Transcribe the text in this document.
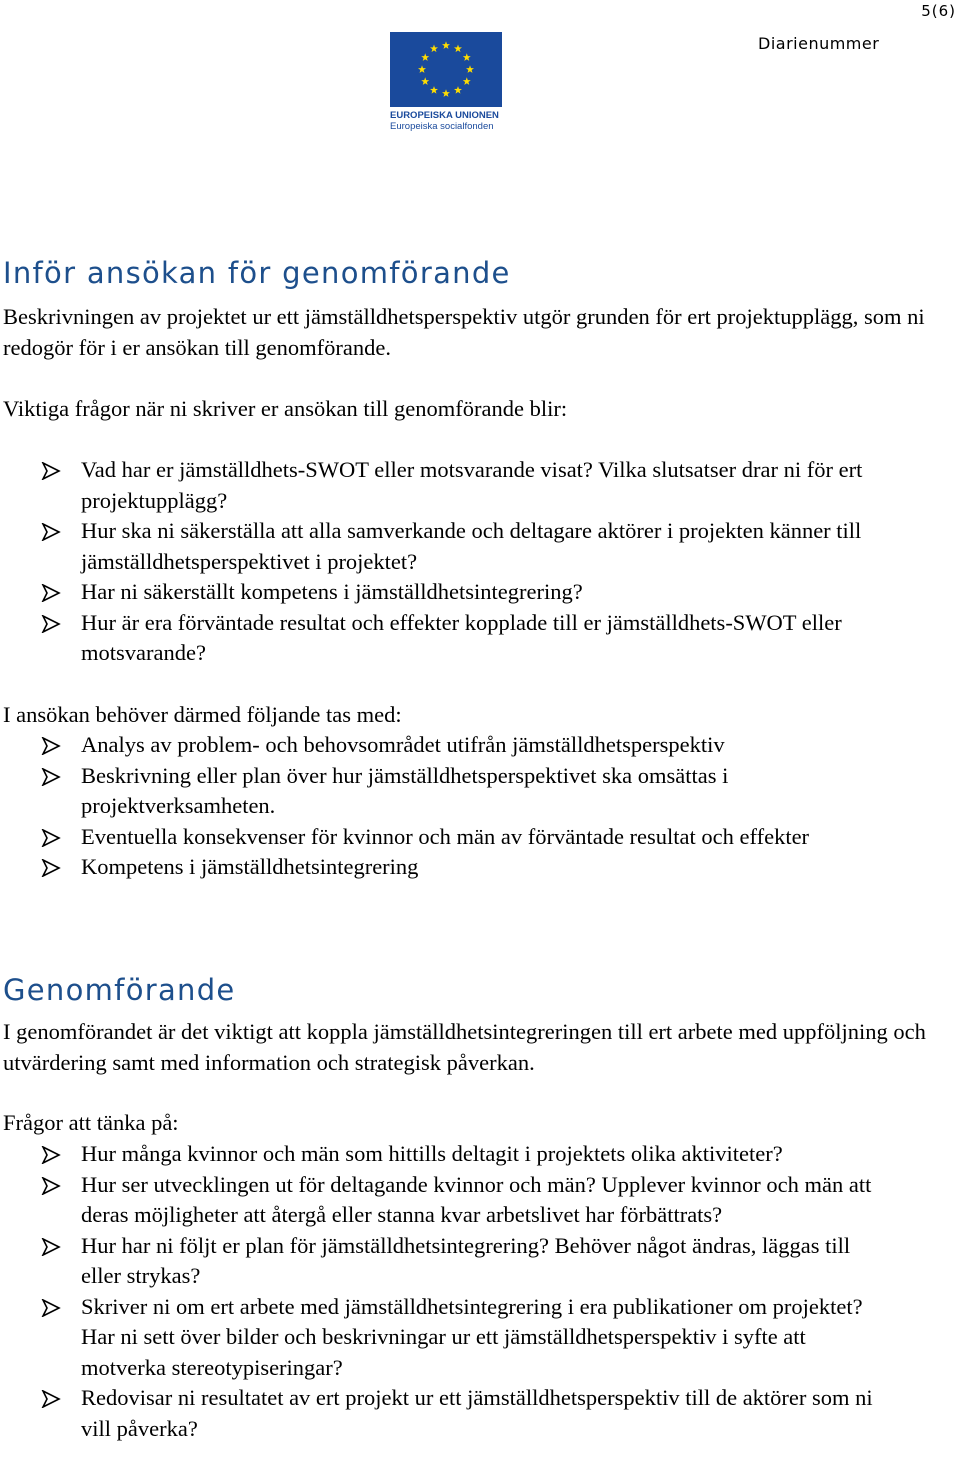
5(6)
Diarienummer
EUROPEISKA UNIONEN
Europeiska socialfonden
Inför ansökan för genomförande

Beskrivningen av projektet ur ett jämställdhetsperspektiv utgör grunden för ert projektupplägg, som ni redogör för i er ansökan till genomförande.

Viktiga frågor när ni skriver er ansökan till genomförande blir:

Vad har er jämställdhets-SWOT eller motsvarande visat? Vilka slutsatser drar ni för ert projektupplägg?
Hur ska ni säkerställa att alla samverkande och deltagare aktörer i projekten känner till jämställdhetsperspektivet i projektet?
Har ni säkerställt kompetens i jämställdhetsintegrering?
Hur är era förväntade resultat och effekter kopplade till er jämställdhets-SWOT eller motsvarande?

I ansökan behöver därmed följande tas med:

Analys av problem- och behovsområdet utifrån jämställdhetsperspektiv
Beskrivning eller plan över hur jämställdhetsperspektivet ska omsättas i projektverksamheten.
Eventuella konsekvenser för kvinnor och män av förväntade resultat och effekter
Kompetens i jämställdhetsintegrering
Genomförande

I genomförandet är det viktigt att koppla jämställdhetsintegreringen till ert arbete med uppföljning och utvärdering samt med information och strategisk påverkan.

Frågor att tänka på:

Hur många kvinnor och män som hittills deltagit i projektets olika aktiviteter?
Hur ser utvecklingen ut för deltagande kvinnor och män? Upplever kvinnor och män att deras möjligheter att återgå eller stanna kvar arbetslivet har förbättrats?
Hur har ni följt er plan för jämställdhetsintegrering? Behöver något ändras, läggas till eller strykas?
Skriver ni om ert arbete med jämställdhetsintegrering i era publikationer om projektet? Har ni sett över bilder och beskrivningar ur ett jämställdhetsperspektiv i syfte att motverka stereotypiseringar?
Redovisar ni resultatet av ert projekt ur ett jämställdhetsperspektiv till de aktörer som ni vill påverka?
